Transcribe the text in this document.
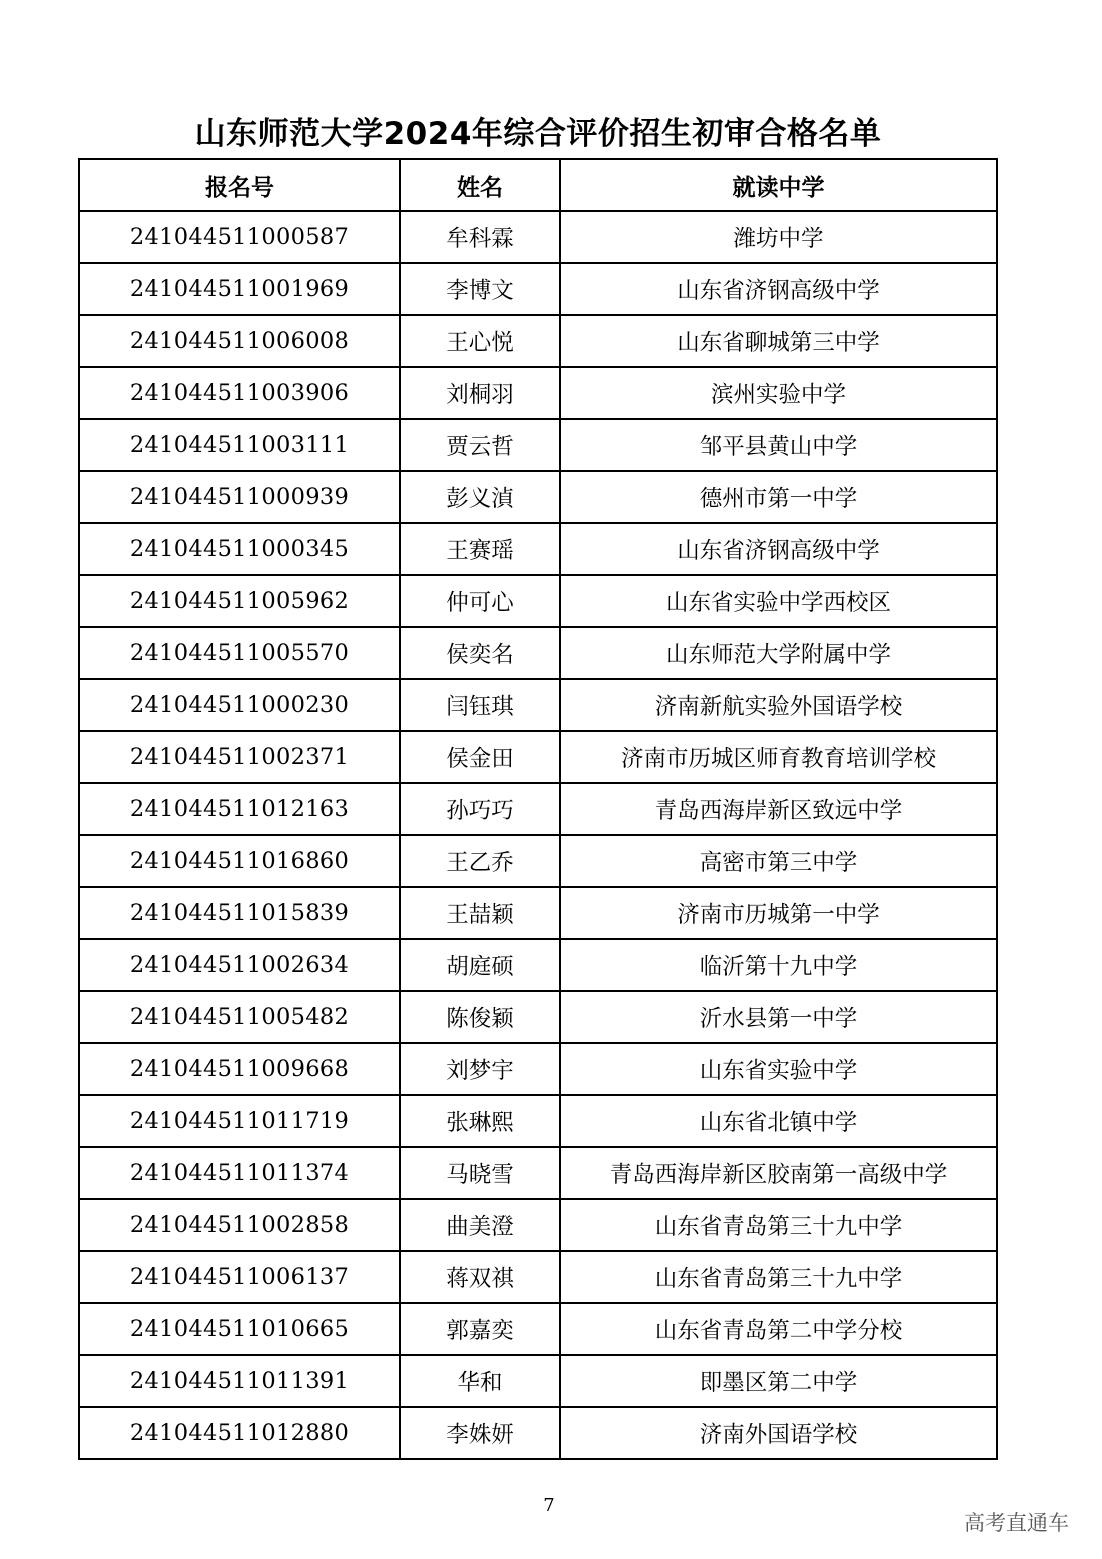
山东师范大学2024年综合评价招生初审合格名单
报名号	姓名	就读中学
241044511000587	牟科霖	潍坊中学
241044511001969	李博文	山东省济钢高级中学
241044511006008	王心悦	山东省聊城第三中学
241044511003906	刘桐羽	滨州实验中学
241044511003111	贾云哲	邹平县黄山中学
241044511000939	彭义湞	德州市第一中学
241044511000345	王赛瑶	山东省济钢高级中学
241044511005962	仲可心	山东省实验中学西校区
241044511005570	侯奕名	山东师范大学附属中学
241044511000230	闫钰琪	济南新航实验外国语学校
241044511002371	侯金田	济南市历城区师育教育培训学校
241044511012163	孙巧巧	青岛西海岸新区致远中学
241044511016860	王乙乔	高密市第三中学
241044511015839	王喆颖	济南市历城第一中学
241044511002634	胡庭硕	临沂第十九中学
241044511005482	陈俊颖	沂水县第一中学
241044511009668	刘梦宇	山东省实验中学
241044511011719	张琳熙	山东省北镇中学
241044511011374	马晓雪	青岛西海岸新区胶南第一高级中学
241044511002858	曲美澄	山东省青岛第三十九中学
241044511006137	蒋双祺	山东省青岛第三十九中学
241044511010665	郭嘉奕	山东省青岛第二中学分校
241044511011391	华和	即墨区第二中学
241044511012880	李姝妍	济南外国语学校
7
高考直通车
